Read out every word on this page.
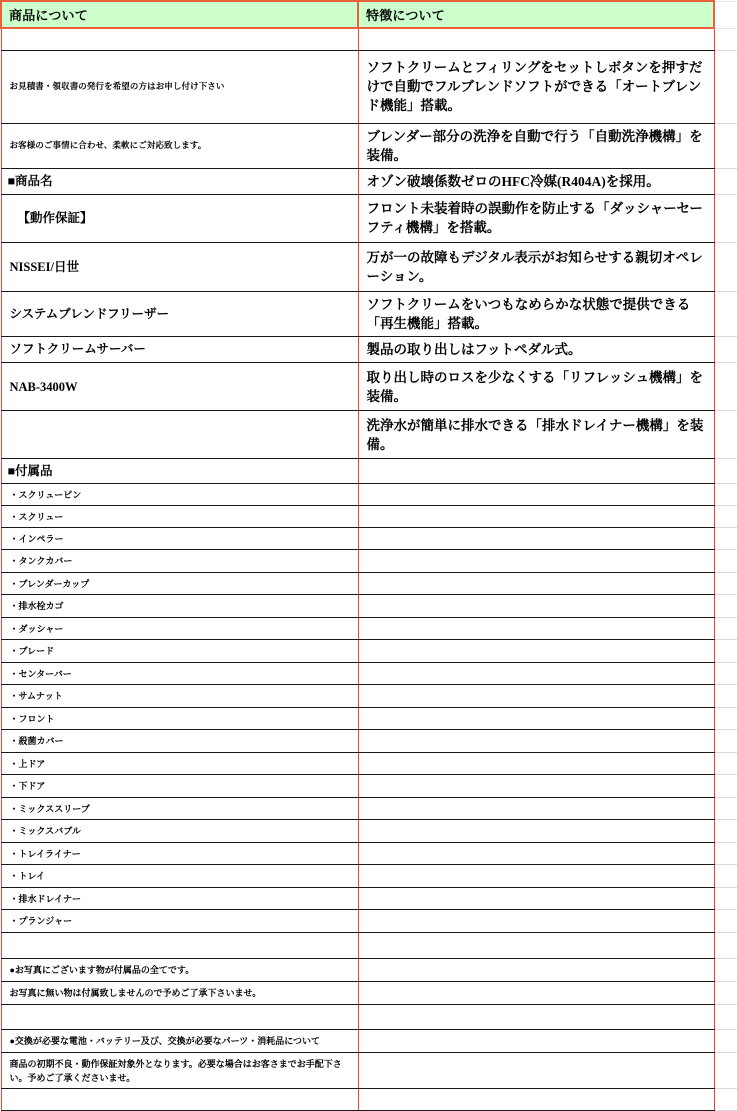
商品について	特徴について	

お見積書・領収書の発行を希望の方はお申し付け下さい	ソフトクリームとフィリングをセットしボタンを押すだけで自動でフルブレンドソフトができる「オートブレンド機能」搭載。	

お客様のご事情に合わせ、柔軟にご対応致します。	ブレンダー部分の洗浄を自動で行う「自動洗浄機構」を装備。	

■商品名	オゾン破壊係数ゼロのHFC冷媒(R404A)を採用。	

【動作保証】	フロント未装着時の誤動作を防止する「ダッシャーセーフティ機構」を搭載。	

NISSEI/日世	万が一の故障もデジタル表示がお知らせする親切オペレーション。	

システムブレンドフリーザー	ソフトクリームをいつもなめらかな状態で提供できる「再生機能」搭載。	

ソフトクリームサーバー	製品の取り出しはフットペダル式。	

NAB-3400W	取り出し時のロスを少なくする「リフレッシュ機構」を装備。	

	洗浄水が簡単に排水できる「排水ドレイナー機構」を装備。	

■付属品		

・スクリュービン		

・スクリュー		

・インペラー		

・タンクカバー		

・ブレンダーカップ		

・排水栓カゴ		

・ダッシャー		

・ブレード		

・センターバー		

・サムナット		

・フロント		

・殺菌カバー		

・上ドア		

・下ドア		

・ミックススリーブ		

・ミックスバブル		

・トレイライナー		

・トレイ		

・排水ドレイナー		

・プランジャー		

●お写真にございます物が付属品の全てです。		

お写真に無い物は付属致しませんので予めご了承下さいませ。		

●交換が必要な電池・バッテリー及び、交換が必要なパーツ・消耗品について		

商品の初期不良・動作保証対象外となります。必要な場合はお客さまでお手配下さい。予めご了承くださいませ。		
